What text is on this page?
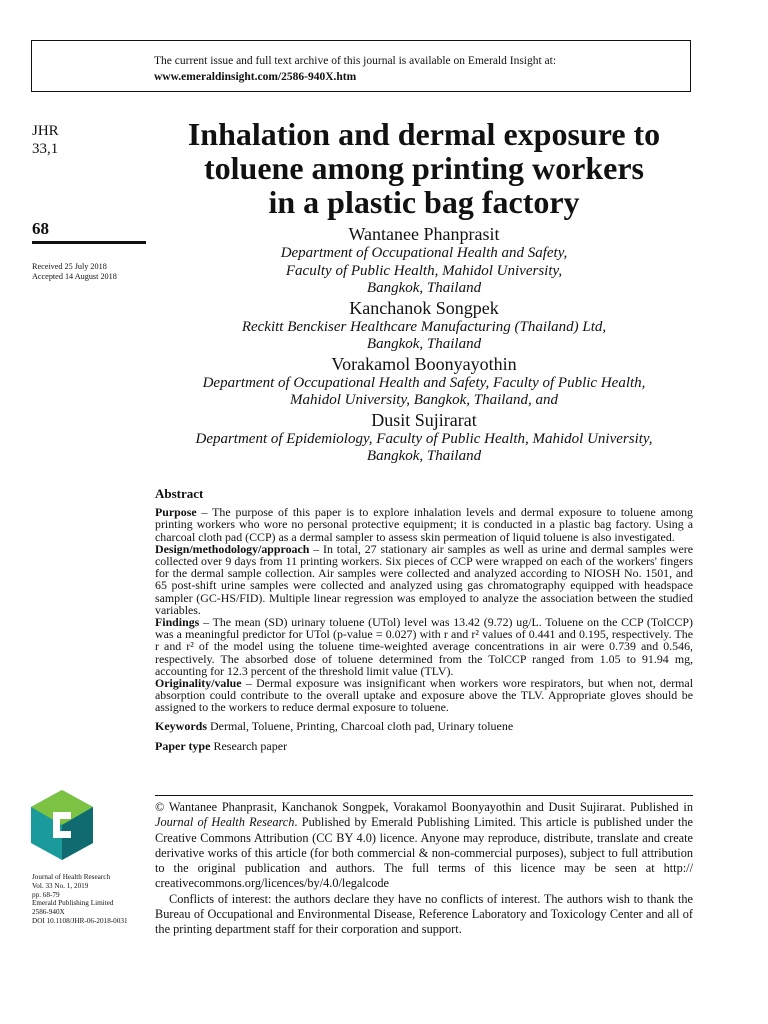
The current issue and full text archive of this journal is available on Emerald Insight at:
www.emeraldinsight.com/2586-940X.htm
JHR
33,1
68
Received 25 July 2018
Accepted 14 August 2018
Inhalation and dermal exposure to
toluene among printing workers
in a plastic bag factory
Wantanee Phanprasit
Department of Occupational Health and Safety,
Faculty of Public Health, Mahidol University,
Bangkok, Thailand
Kanchanok Songpek
Reckitt Benckiser Healthcare Manufacturing (Thailand) Ltd,
Bangkok, Thailand
Vorakamol Boonyayothin
Department of Occupational Health and Safety, Faculty of Public Health,
Mahidol University, Bangkok, Thailand, and
Dusit Sujirarat
Department of Epidemiology, Faculty of Public Health, Mahidol University,
Bangkok, Thailand
Abstract

Purpose – The purpose of this paper is to explore inhalation levels and dermal exposure to toluene among printing workers who wore no personal protective equipment; it is conducted in a plastic bag factory. Using a charcoal cloth pad (CCP) as a dermal sampler to assess skin permeation of liquid toluene is also investigated.

Design/methodology/approach – In total, 27 stationary air samples as well as urine and dermal samples were collected over 9 days from 11 printing workers. Six pieces of CCP were wrapped on each of the workers' fingers for the dermal sample collection. Air samples were collected and analyzed according to NIOSH No. 1501, and 65 post-shift urine samples were collected and analyzed using gas chromatography equipped with headspace sampler (GC-HS/FID). Multiple linear regression was employed to analyze the association between the studied variables.

Findings – The mean (SD) urinary toluene (UTol) level was 13.42 (9.72) ug/L. Toluene on the CCP (TolCCP) was a meaningful predictor for UTol (p-value = 0.027) with r and r² values of 0.441 and 0.195, respectively. The r and r² of the model using the toluene time-weighted average concentrations in air were 0.739 and 0.546, respectively. The absorbed dose of toluene determined from the TolCCP ranged from 1.05 to 91.94 mg, accounting for 12.3 percent of the threshold limit value (TLV).

Originality/value – Dermal exposure was insignificant when workers wore respirators, but when not, dermal absorption could contribute to the overall uptake and exposure above the TLV. Appropriate gloves should be assigned to the workers to reduce dermal exposure to toluene.

Keywords Dermal, Toluene, Printing, Charcoal cloth pad, Urinary toluene
Paper type Research paper

© Wantanee Phanprasit, Kanchanok Songpek, Vorakamol Boonyayothin and Dusit Sujirarat. Published in Journal of Health Research. Published by Emerald Publishing Limited. This article is published under the Creative Commons Attribution (CC BY 4.0) licence. Anyone may reproduce, distribute, translate and create derivative works of this article (for both commercial & non-commercial purposes), subject to full attribution to the original publication and authors. The full terms of this licence may be seen at http:// creativecommons.org/licences/by/4.0/legalcode

Conflicts of interest: the authors declare they have no conflicts of interest. The authors wish to thank the Bureau of Occupational and Environmental Disease, Reference Laboratory and Toxicology Center and all of the printing department staff for their corporation and support.

Journal of Health Research
Vol. 33 No. 1, 2019
pp. 68-79
Emerald Publishing Limited
2586-940X
DOI 10.1108/JHR-06-2018-0031
